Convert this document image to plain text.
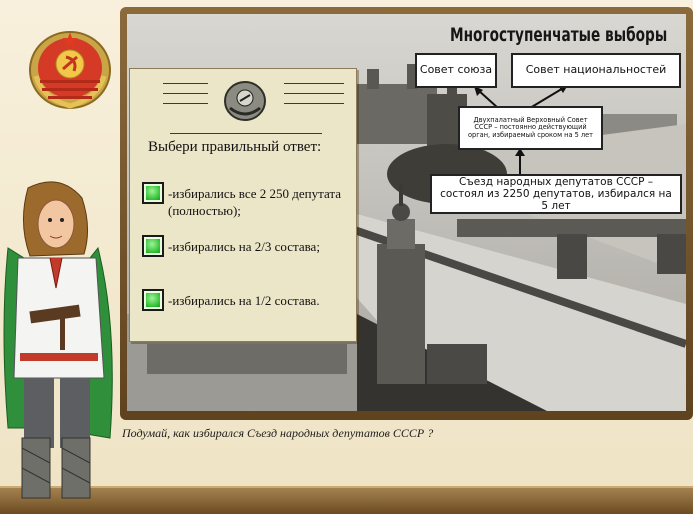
Многоступенчатые выборы
Совет союза	Совет национальностей
Двухпалатный Верховный Совет СССР – постоянно действующий орган, избираемый сроком на 5 лет
Съезд народных депутатов СССР – состоял из 2250 депутатов, избирался на 5 лет
Выбери правильный ответ:
-избирались все 2 250 депутата (полностью);
-избирались на 2/3 состава;
-избирались на 1/2 состава.
Подумай, как избирался Съезд народных депутатов СССР ?
